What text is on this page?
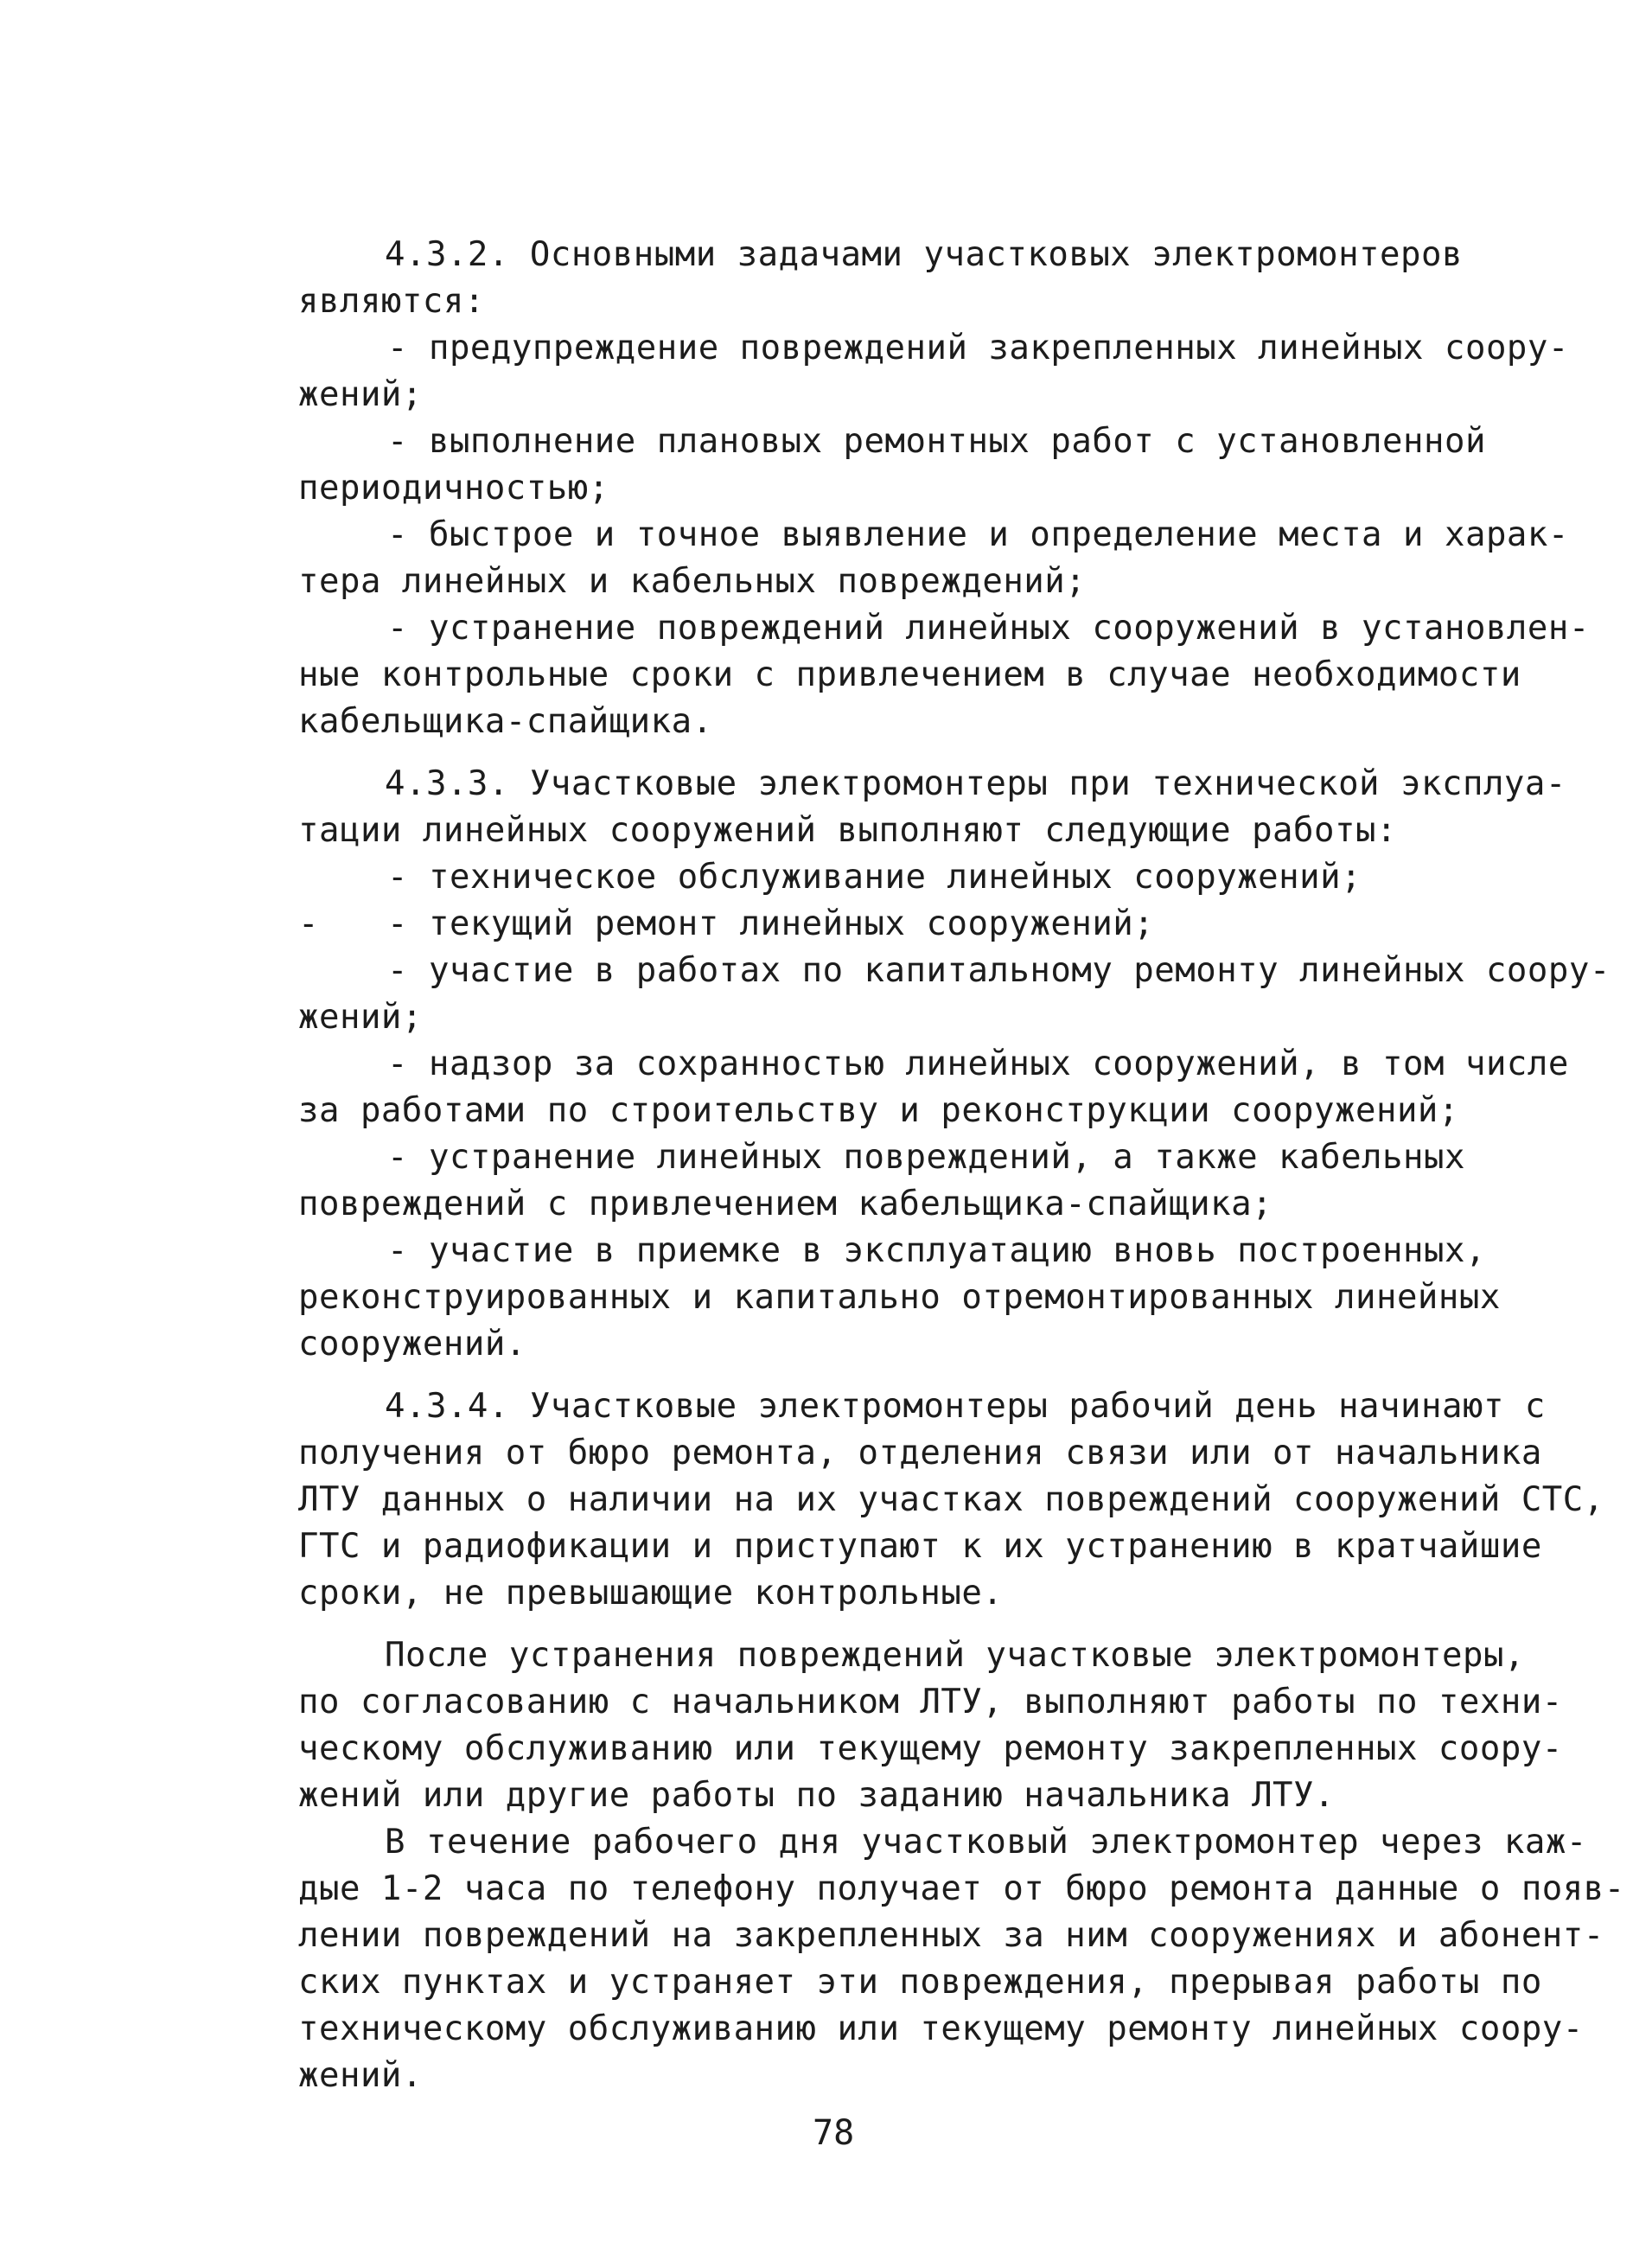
4.3.2. Основными задачами участковых электромонтеров
являются:
- предупреждение повреждений закрепленных линейных соору-
жений;
- выполнение плановых ремонтных работ с установленной
периодичностью;
- быстрое и точное выявление и определение места и харак-
тера линейных и кабельных повреждений;
- устранение повреждений линейных сооружений в установлен-
ные контрольные сроки с привлечением в случае необходимости
кабельщика-спайщика.
4.3.3. Участковые электромонтеры при технической эксплуа-
тации линейных сооружений выполняют следующие работы:
- техническое обслуживание линейных сооружений;
- - текущий ремонт линейных сооружений;
- участие в работах по капитальному ремонту линейных соору-
жений;
- надзор за сохранностью линейных сооружений, в том числе
за работами по строительству и реконструкции сооружений;
- устранение линейных повреждений, а также кабельных
повреждений с привлечением кабельщика-спайщика;
- участие в приемке в эксплуатацию вновь построенных,
реконструированных и капитально отремонтированных линейных
сооружений.
4.3.4. Участковые электромонтеры рабочий день начинают с
получения от бюро ремонта, отделения связи или от начальника
ЛТУ данных о наличии на их участках повреждений сооружений СТС,
ГТС и радиофикации и приступают к их устранению в кратчайшие
сроки, не превышающие контрольные.
После устранения повреждений участковые электромонтеры,
по согласованию с начальником ЛТУ, выполняют работы по техни-
ческому обслуживанию или текущему ремонту закрепленных соору-
жений или другие работы по заданию начальника ЛТУ.
В течение рабочего дня участковый электромонтер через каж-
дые 1-2 часа по телефону получает от бюро ремонта данные о появ-
лении повреждений на закрепленных за ним сооружениях и абонент-
ских пунктах и устраняет эти повреждения, прерывая работы по
техническому обслуживанию или текущему ремонту линейных соору-
жений.
78
